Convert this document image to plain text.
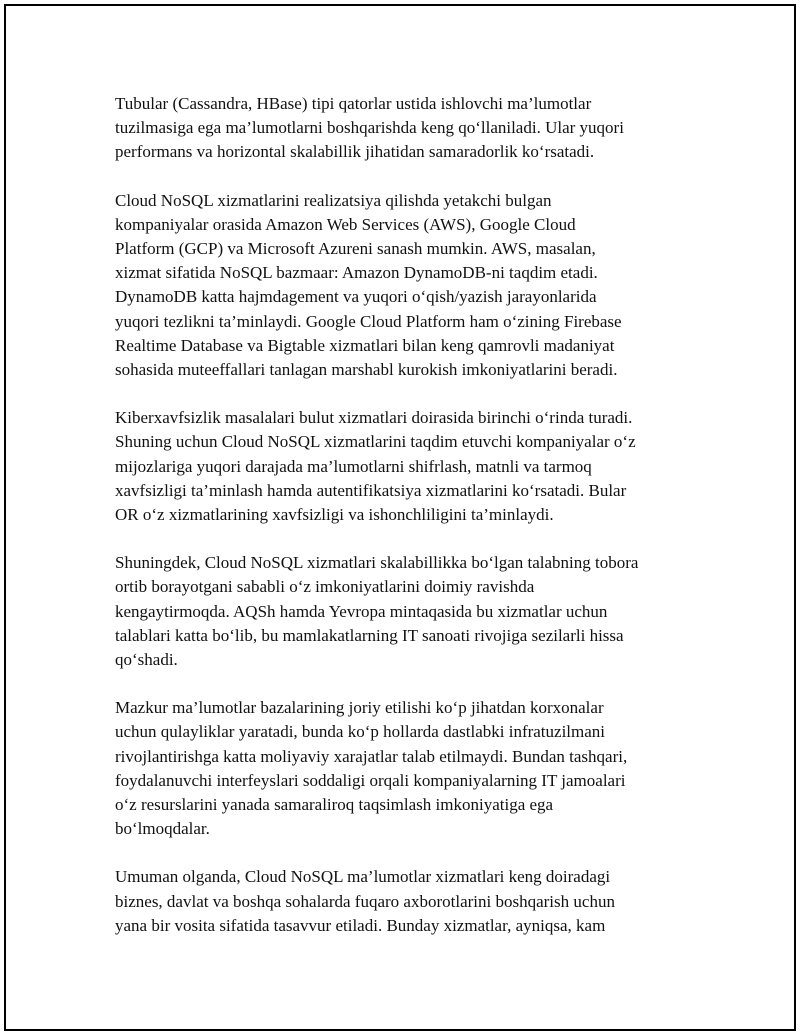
Tubular (Cassandra, HBase) tipi qatorlar ustida ishlovchi ma’lumotlar
tuzilmasiga ega ma’lumotlarni boshqarishda keng qo‘llaniladi. Ular yuqori
performans va horizontal skalabillik jihatidan samaradorlik ko‘rsatadi.

Cloud NoSQL xizmatlarini realizatsiya qilishda yetakchi bulgan
kompaniyalar orasida Amazon Web Services (AWS), Google Cloud
Platform (GCP) va Microsoft Azureni sanash mumkin. AWS, masalan,
xizmat sifatida NoSQL bazmaar: Amazon DynamoDB-ni taqdim etadi.
DynamoDB katta hajmdagement va yuqori o‘qish/yazish jarayonlarida
yuqori tezlikni ta’minlaydi. Google Cloud Platform ham o‘zining Firebase
Realtime Database va Bigtable xizmatlari bilan keng qamrovli madaniyat
sohasida muteeffallari tanlagan marshabl kurokish imkoniyatlarini beradi.

Kiberxavfsizlik masalalari bulut xizmatlari doirasida birinchi o‘rinda turadi.
Shuning uchun Cloud NoSQL xizmatlarini taqdim etuvchi kompaniyalar o‘z
mijozlariga yuqori darajada ma’lumotlarni shifrlash, matnli va tarmoq
xavfsizligi ta’minlash hamda autentifikatsiya xizmatlarini ko‘rsatadi. Bular
OR o‘z xizmatlarining xavfsizligi va ishonchliligini ta’minlaydi.

Shuningdek, Cloud NoSQL xizmatlari skalabillikka bo‘lgan talabning tobora
ortib borayotgani sababli o‘z imkoniyatlarini doimiy ravishda
kengaytirmoqda. AQSh hamda Yevropa mintaqasida bu xizmatlar uchun
talablari katta bo‘lib, bu mamlakatlarning IT sanoati rivojiga sezilarli hissa
qo‘shadi.

Mazkur ma’lumotlar bazalarining joriy etilishi ko‘p jihatdan korxonalar
uchun qulayliklar yaratadi, bunda ko‘p hollarda dastlabki infratuzilmani
rivojlantirishga katta moliyaviy xarajatlar talab etilmaydi. Bundan tashqari,
foydalanuvchi interfeyslari soddaligi orqali kompaniyalarning IT jamoalari
o‘z resurslarini yanada samaraliroq taqsimlash imkoniyatiga ega
bo‘lmoqdalar.

Umuman olganda, Cloud NoSQL ma’lumotlar xizmatlari keng doiradagi
biznes, davlat va boshqa sohalarda fuqaro axborotlarini boshqarish uchun
yana bir vosita sifatida tasavvur etiladi. Bunday xizmatlar, ayniqsa, kam
